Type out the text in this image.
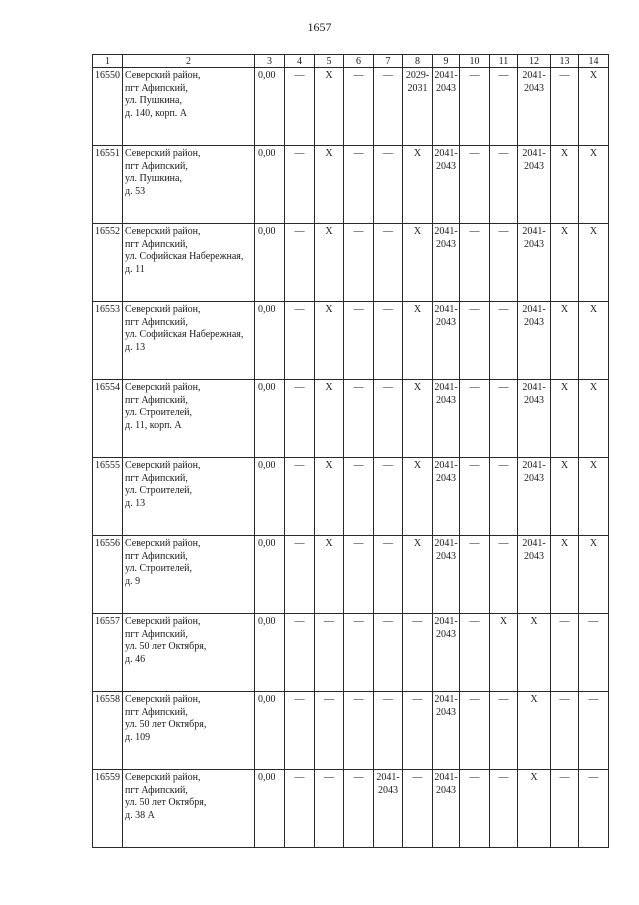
1657
1	2	3	4	5	6	7	8	9	10	11	12	13	14
16550	Северский район,
пгт Афипский,
ул. Пушкина,
д. 140, корп. А	0,00	—	Х	—	—	2029-
2031	2041-
2043	—	—	2041-
2043	—	Х
16551	Северский район,
пгт Афипский,
ул. Пушкина,
д. 53	0,00	—	Х	—	—	Х	2041-
2043	—	—	2041-
2043	Х	Х
16552	Северский район,
пгт Афипский,
ул. Софийская Набережная,
д. 11	0,00	—	Х	—	—	Х	2041-
2043	—	—	2041-
2043	Х	Х
16553	Северский район,
пгт Афипский,
ул. Софийская Набережная,
д. 13	0,00	—	Х	—	—	Х	2041-
2043	—	—	2041-
2043	Х	Х
16554	Северский район,
пгт Афипский,
ул. Строителей,
д. 11, корп. А	0,00	—	Х	—	—	Х	2041-
2043	—	—	2041-
2043	Х	Х
16555	Северский район,
пгт Афипский,
ул. Строителей,
д. 13	0,00	—	Х	—	—	Х	2041-
2043	—	—	2041-
2043	Х	Х
16556	Северский район,
пгт Афипский,
ул. Строителей,
д. 9	0,00	—	Х	—	—	Х	2041-
2043	—	—	2041-
2043	Х	Х
16557	Северский район,
пгт Афипский,
ул. 50 лет Октября,
д. 46	0,00	—	—	—	—	—	2041-
2043	—	Х	Х	—	—
16558	Северский район,
пгт Афипский,
ул. 50 лет Октября,
д. 109	0,00	—	—	—	—	—	2041-
2043	—	—	Х	—	—
16559	Северский район,
пгт Афипский,
ул. 50 лет Октября,
д. 38 А	0,00	—	—	—	2041-
2043	—	2041-
2043	—	—	Х	—	—
